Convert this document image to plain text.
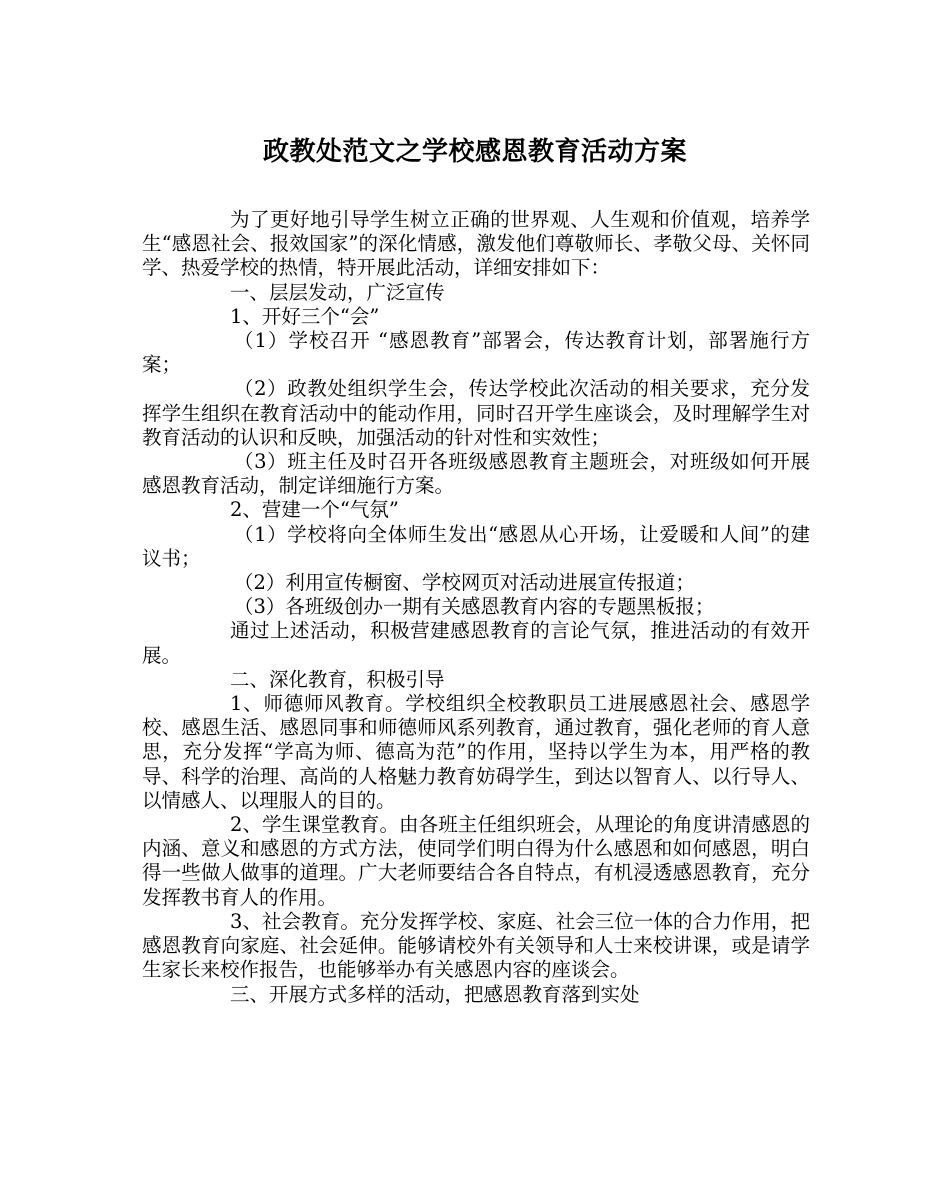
政教处范文之学校感恩教育活动方案

为了更好地引导学生树立正确的世界观、人生观和价值观，培养学生“感恩社会、报效国家”的深化情感，激发他们尊敬师长、孝敬父母、关怀同学、热爱学校的热情，特开展此活动，详细安排如下：

一、层层发动，广泛宣传

1、开好三个“会”

（1）学校召开 “感恩教育”部署会，传达教育计划，部署施行方案；

（2）政教处组织学生会，传达学校此次活动的相关要求，充分发挥学生组织在教育活动中的能动作用，同时召开学生座谈会，及时理解学生对教育活动的认识和反映，加强活动的针对性和实效性；

（3）班主任及时召开各班级感恩教育主题班会，对班级如何开展感恩教育活动，制定详细施行方案。

2、营建一个“气氛”

（1）学校将向全体师生发出“感恩从心开场，让爱暖和人间”的建议书；

（2）利用宣传橱窗、学校网页对活动进展宣传报道；

（3）各班级创办一期有关感恩教育内容的专题黑板报；

通过上述活动，积极营建感恩教育的言论气氛，推进活动的有效开展。

二、深化教育，积极引导

1、师德师风教育。学校组织全校教职员工进展感恩社会、感恩学校、感恩生活、感恩同事和师德师风系列教育，通过教育，强化老师的育人意思，充分发挥“学高为师、德高为范”的作用，坚持以学生为本，用严格的教导、科学的治理、高尚的人格魅力教育妨碍学生，到达以智育人、以行导人、以情感人、以理服人的目的。

2、学生课堂教育。由各班主任组织班会，从理论的角度讲清感恩的内涵、意义和感恩的方式方法，使同学们明白得为什么感恩和如何感恩，明白得一些做人做事的道理。广大老师要结合各自特点，有机浸透感恩教育，充分发挥教书育人的作用。

3、社会教育。充分发挥学校、家庭、社会三位一体的合力作用，把感恩教育向家庭、社会延伸。能够请校外有关领导和人士来校讲课，或是请学生家长来校作报告，也能够举办有关感恩内容的座谈会。

三、开展方式多样的活动，把感恩教育落到实处
